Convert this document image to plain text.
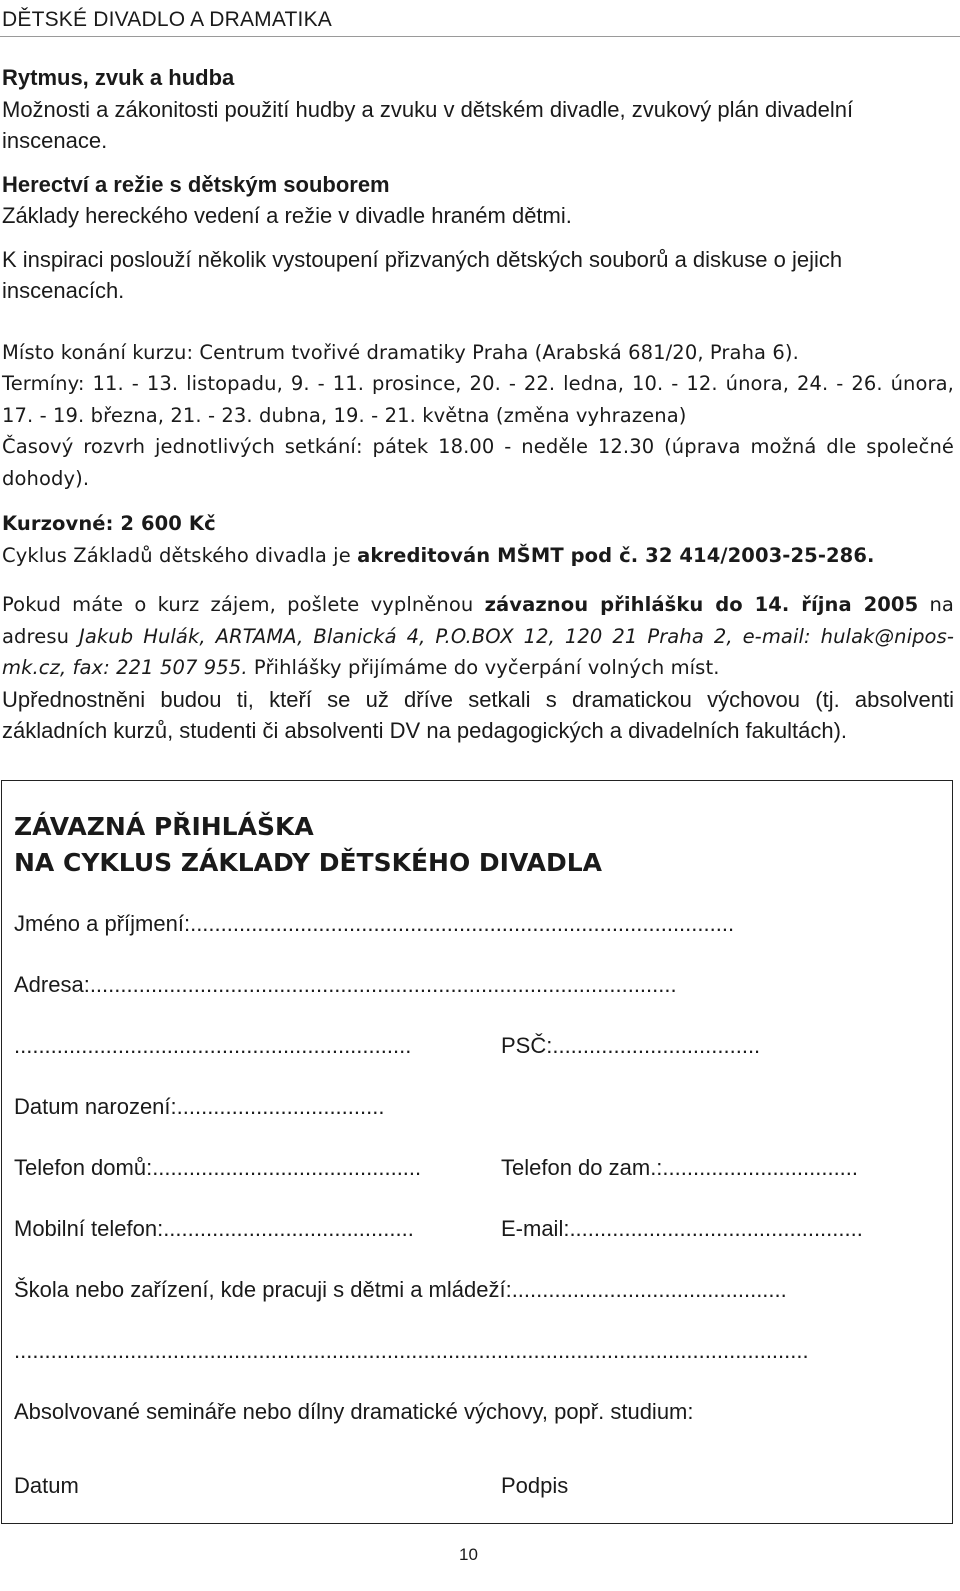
DĚTSKÉ DIVADLO A DRAMATIKA

Rytmus, zvuk a hudba

Možnosti a zákonitosti použití hudby a zvuku v dětském divadle, zvukový plán divadelní inscenace.

Herectví a režie s dětským souborem

Základy hereckého vedení a režie v divadle hraném dětmi.

K inspiraci poslouží několik vystoupení přizvaných dětských souborů a diskuse o jejich inscenacích.

Místo konání kurzu: Centrum tvořivé dramatiky Praha (Arabská 681/20, Praha 6).

Termíny: 11. - 13. listopadu, 9. - 11. prosince, 20. - 22. ledna, 10. - 12. února, 24. - 26. února, 17. - 19. března, 21. - 23. dubna, 19. - 21. května (změna vyhrazena)

Časový rozvrh jednotlivých setkání: pátek 18.00 - neděle 12.30 (úprava možná dle společné dohody).

Kurzovné: 2 600 Kč

Cyklus Základů dětského divadla je akreditován MŠMT pod č. 32 414/2003-25-286.

Pokud máte o kurz zájem, pošlete vyplněnou závaznou přihlášku do 14. října 2005 na adresu Jakub Hulák, ARTAMA, Blanická 4, P.O.BOX 12, 120 21 Praha 2, e-mail: hulak@nipos-mk.cz, fax: 221 507 955. Přihlášky přijímáme do vyčerpání volných míst.

Upřednostněni budou ti, kteří se už dříve setkali s dramatickou výchovou (tj. absolventi základních kurzů, studenti či absolventi DV na pedagogických a divadelních fakultách).

ZÁVAZNÁ PŘIHLÁŠKA
NA CYKLUS ZÁKLADY DĚTSKÉHO DIVADLA
Jméno a příjmení:.........................................................................................
Adresa:................................................................................................
.................................................................	PSČ:..................................
Datum narození:..................................
Telefon domů:............................................	Telefon do zam.:................................
Mobilní telefon:.........................................	E-mail:................................................
Škola nebo zařízení, kde pracuji s dětmi a mládeží:.............................................
..................................................................................................................................
Absolvované semináře nebo dílny dramatické výchovy, popř. studium:
Datum	Podpis
10
